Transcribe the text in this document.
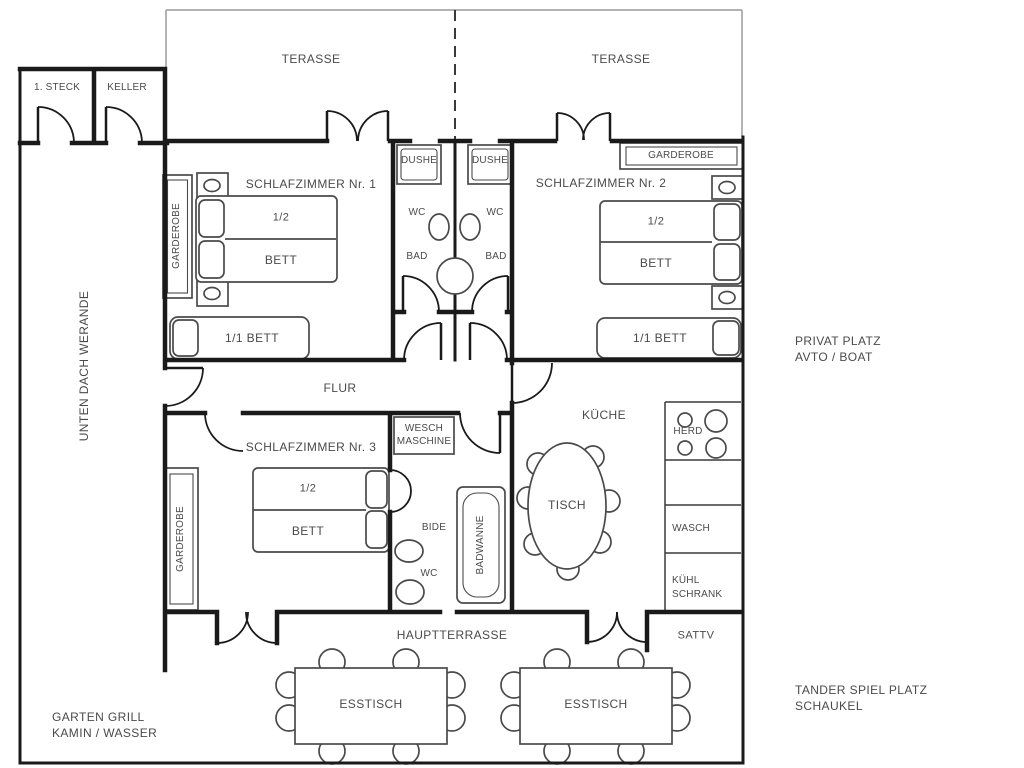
1. STECK	KELLER
TERASSE	TERASSE
DUSHE	DUSHE
SCHLAFZIMMER Nr. 1	SCHLAFZIMMER Nr. 2
SCHLAFZIMMER Nr. 3
GARDEROBE
GARDEROBE
GARDEROBE
1/2
BETT
1/2
BETT
1/2
BETT
1/1 BETT	1/1 BETT
WC	WC
BAD	BAD
PRIVAT PLATZ
AVTO / BOAT
UNTEN DACH WERANDE	FLUR
KÜCHE
WESCH
MASCHINE
HERD
WASCH
KÜHL
SCHRANK
TISCH
BIDE
WC	BADWANNE
HAUPTTERRASSE	SATTV
ESSTISCH	ESSTISCH
TANDER SPIEL PLATZ
SCHAUKEL
GARTEN GRILL
KAMIN / WASSER
